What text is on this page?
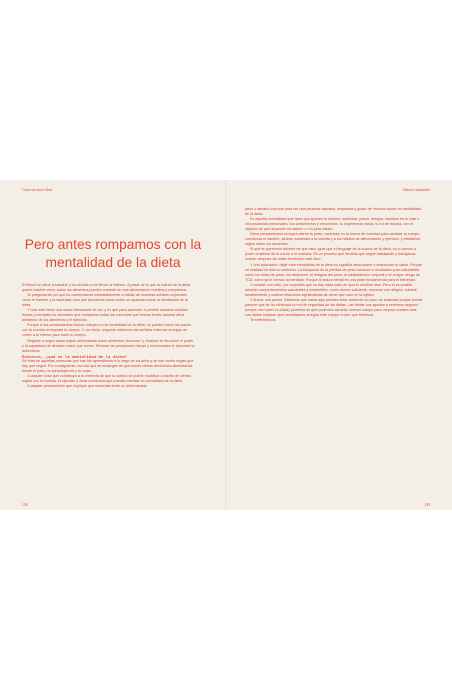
Come sin hacer dieta
Pero antes rompamos con la
mentalidad de la dieta

El bitcoil no viene a salvarte y los dónuts no te llevan al infierno. A pesar de lo que la cultura de la dieta quiere hacerte creer, todos los alimentos pueden coexistir en una alimentación nutritiva y compasiva.

Te preguntarás por qué no comenzamos inmediatamente a hablar de nuestras señales corporales como el hambre y la saciedad, sino que decidimos hacer antes un apartado sobre la mentalidad de la dieta.

Y todo esto tiene una razón interesante de ser, y es que para aprender a percibir nuestras señales físicas y mentales es necesario que rompamos todas las creencias que hemos tenido durante años alrededor de los alimentos y el ejercicio.

Porque si los pensamientos tóxicos influyen en la mentalidad de la dieta, no puedes hacer las paces con la comida ni respetar tu cuerpo. Y, por tanto, seguirás utilizando las señales externas en lugar de volver a tu interior para nutrir tu cuerpo.

Negarse a seguir estas reglas alimentarias sobre alimentos «buenos» y «malos» te devuelve el poder y la capacidad de decisión sobre qué comer. Eliminar las privaciones físicas y emocionales te devuelve la autonomía.

Entonces, ¿qué es la mentalidad de la dieta?

Se trata de aquellas creencias que has ido aprendiendo a lo largo de los años y se han vuelto reglas que hay que seguir. Por consiguiente, son las que se encargan de que tomes ciertas decisiones alimentarias desde el juicio, la autoexigencia y la culpa.

Cualquier cosa que contribuya a la creencia de que tu cuerpo se puede modificar a través de ciertas reglas con la comida, el ejercicio y otras conductas que puedas cambiar es mentalidad de la dieta.

Cualquier pensamiento que implique que necesitas tener un determinado

138
Sabores sanpendes

peso o tamaño corporal para ser una persona valorada, respetada y gozar de «buena salud» es mentalidad de la dieta.

Es aquella mentalidad que hace que ignores tu hambre, saciedad, placer, antojos, cambios en tu vida o circunstancias personales, tus sentimientos y emociones, tu experiencia vivida, tu rol de trauma, con el objetivo de que alcances «la salud» o «tu peso ideal».

Estos pensamientos incluyen alterar tu peso, centrarse en la fuerza de voluntad para cambiar tu cuerpo, cuestionar el hambre, atribuir moralidad a la comida y a los hábitos de alimentación y ejercicio, y establecer reglas sobre los alimentos.

Si que te queremos advertir de que esto, igual que el lenguaje de la cultura de la dieta, no lo vamos a poder erradicar de la noche a la mañana. Es un proceso que tendrás que seguir trabajando y trabajando incluso después de haber terminado este libro.

Y una aclaración: dejar esta mentalidad de la dieta no significa descuidarte o abandonar tu salud. Porque en realidad es todo lo contrario. La búsqueda de la pérdida de peso conduce a resultados poco saludables como los ciclos de peso, los atracones, el estigma del peso, la insatisfacción corporal y un mayor riesgo de TCA, como ya te hemos comentado. Porque la salud mental es una parte fundamental para el bienestar.

Y cuidado con esto, por supuesto que no hay nada malo en querer sentirse bien. Pero sí es posible adoptar comportamientos saludables y sostenibles, como dormir suficiente, moverse con alegría, nutrirse amablemente y cultivar relaciones significativas sin tener que caer en la rigidez.

Y ahora, una pausa. Sabemos que hasta aquí puedes estar sintiendo un poco de ansiedad porque puede parecer que se ha eliminado la red de seguridad de las dietas. Las dietas nos ayudan a sentirnos seguros porque nos hacen la (falsa) promesa de que podemos cambiar nuestro cuerpo para mejorar nuestra vida. Las dietas implican que necesitamos arreglar este cuerpo «roto» que tenemos.

Te entendemos.

139
